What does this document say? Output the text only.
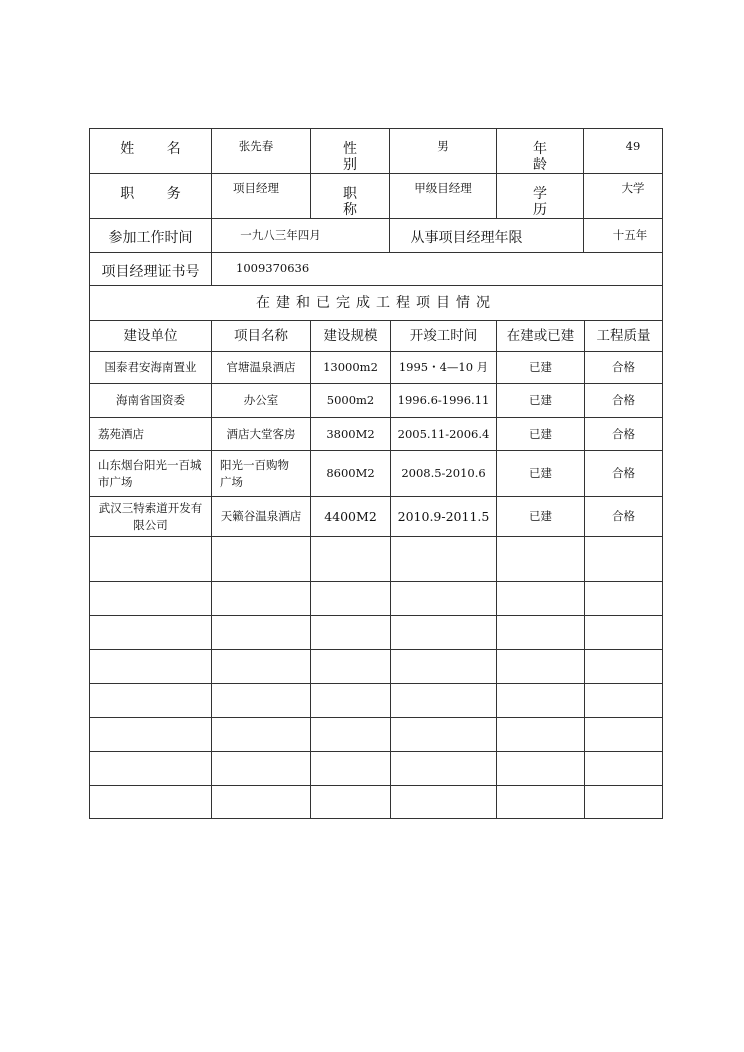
姓 名	张先春	性 别	男	年 龄	49
职 务	项目经理	职 称	甲级目经理	学 历	大学
参加工作时间	一九八三年四月		从事项目经理年限		十五年
项目经理证书号	1009370636				
在建和已完成工程项目情况					
建设单位	项目名称	建设规模	开竣工时间	在建或已建	工程质量
国泰君安海南置业	官塘温泉酒店	13000m2	1995・4—10 月	已建	合格
海南省国资委	办公室	5000m2	1996.6-1996.11	已建	合格
荔苑酒店	酒店大堂客房	3800M2	2005.11-2006.4	已建	合格
山东烟台阳光一百城市广场	阳光一百购物广场	8600M2	2008.5-2010.6	已建	合格
武汉三特索道开发有限公司	天籁谷温泉酒店	4400M2	2010.9-2011.5	已建	合格
